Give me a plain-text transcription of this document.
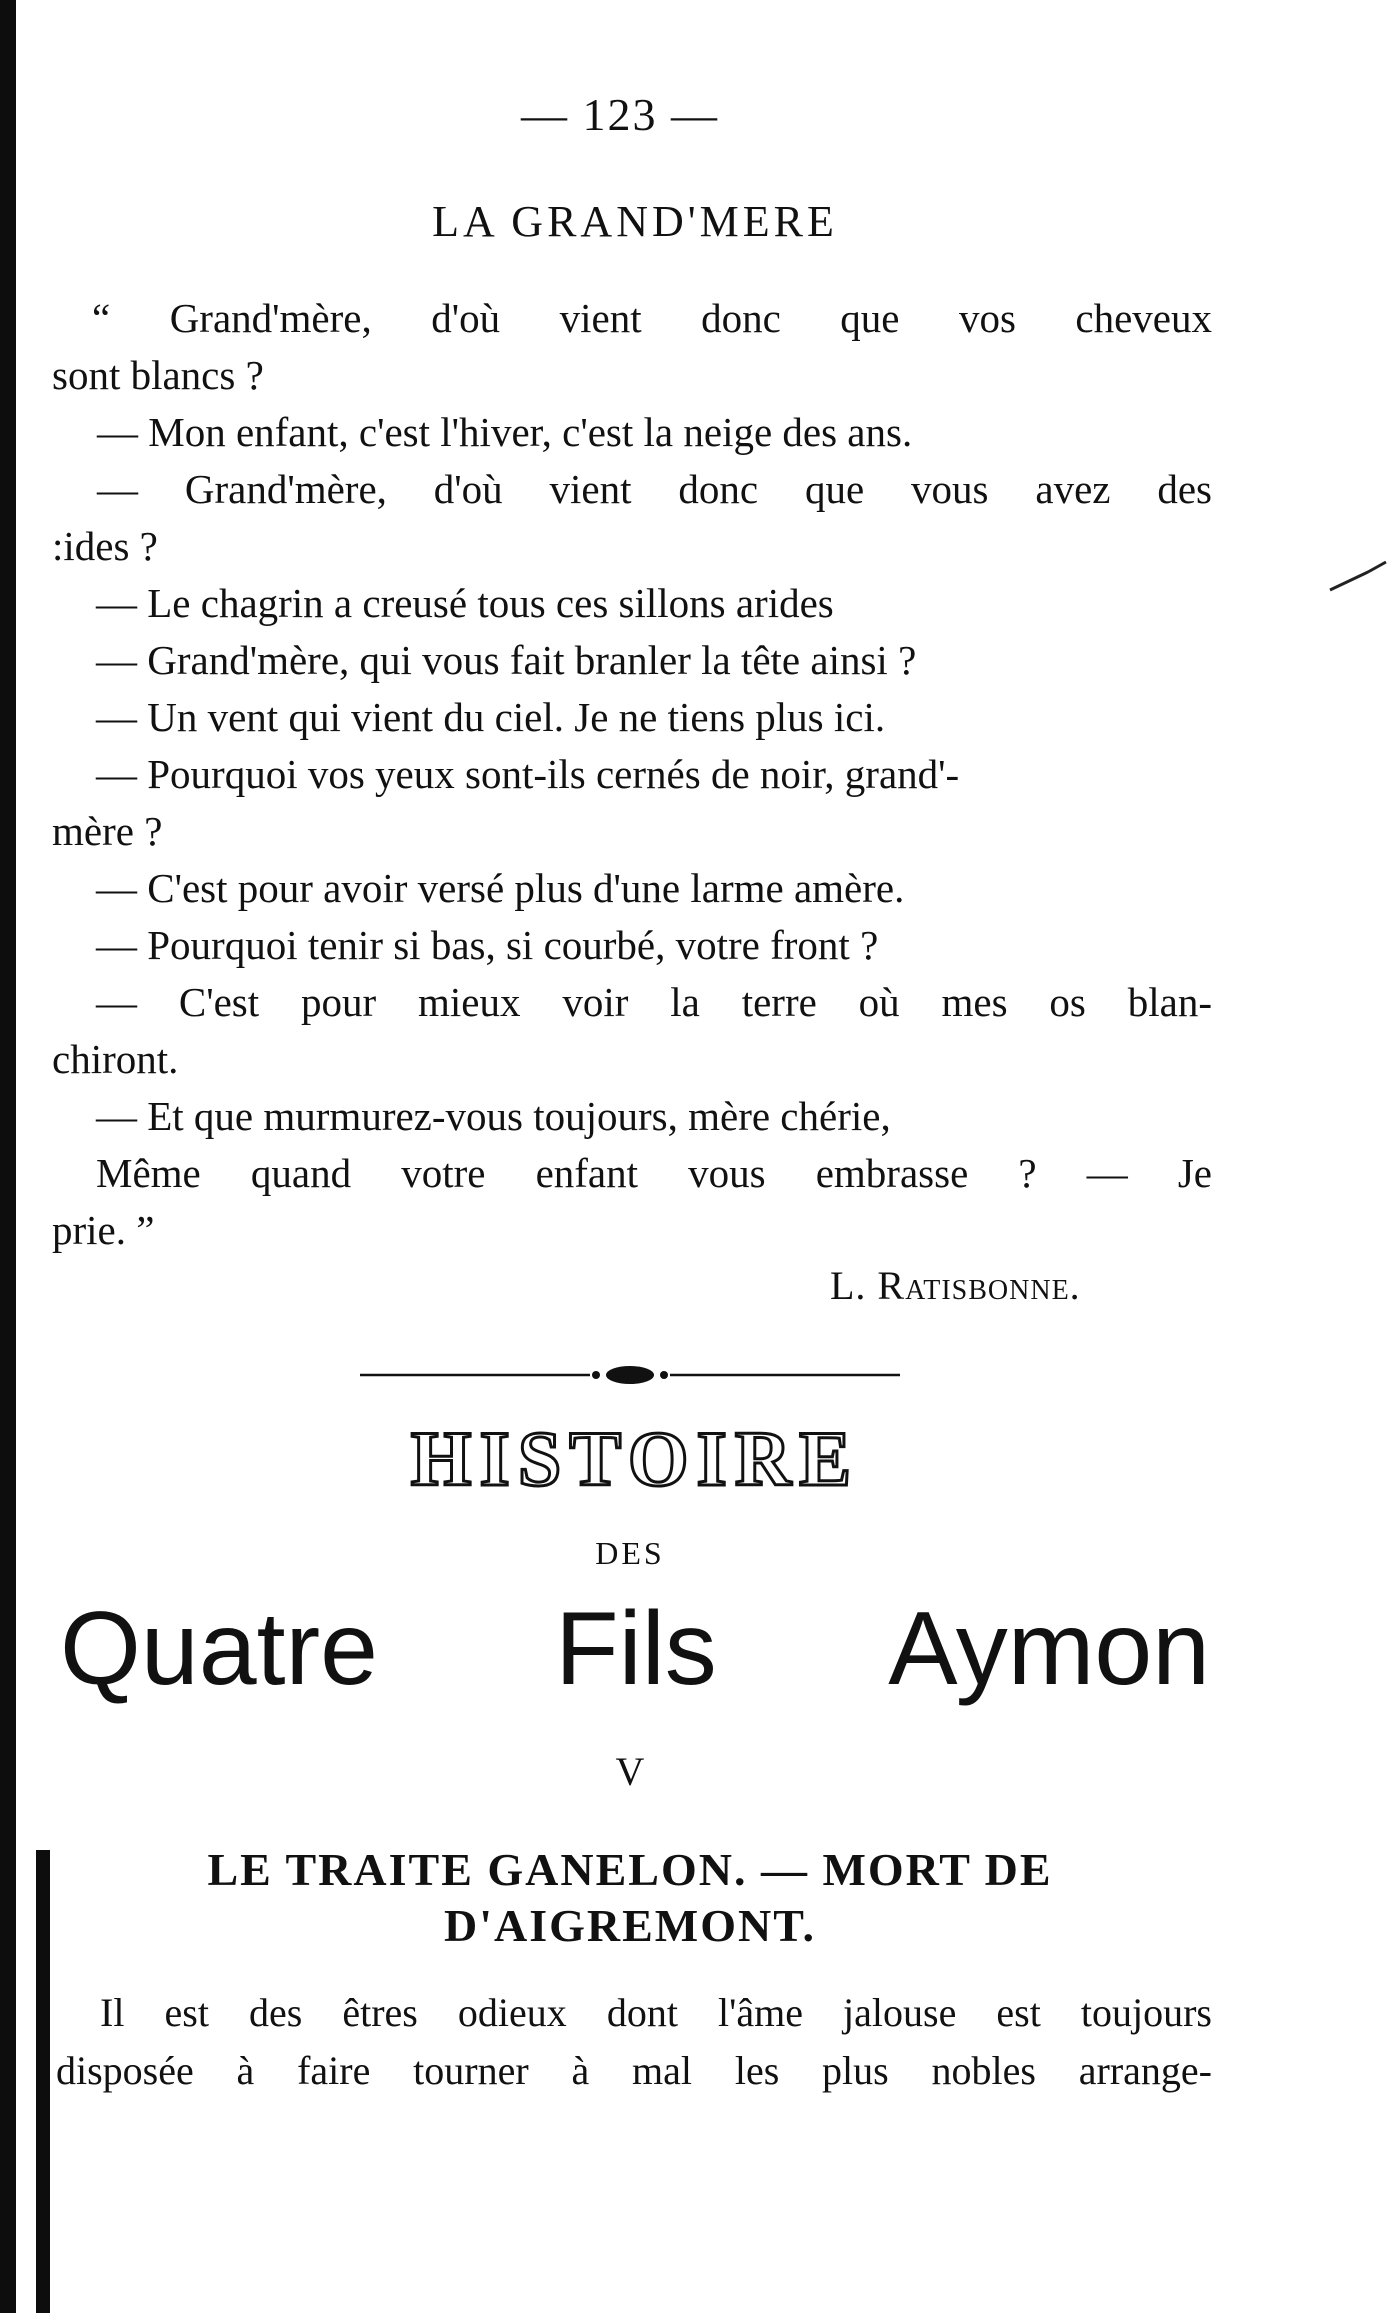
— 123 —
LA GRAND'MERE
“ Grand'mère, d'où vient donc que vos cheveux
sont blancs ?
— Mon enfant, c'est l'hiver, c'est la neige des ans.
— Grand'mère, d'où vient donc que vous avez des
:ides ?
— Le chagrin a creusé tous ces sillons arides
— Grand'mère, qui vous fait branler la tête ainsi ?
— Un vent qui vient du ciel. Je ne tiens plus ici.
— Pourquoi vos yeux sont-ils cernés de noir, grand'-
mère ?
— C'est pour avoir versé plus d'une larme amère.
— Pourquoi tenir si bas, si courbé, votre front ?
— C'est pour mieux voir la terre où mes os blan-
chiront.
— Et que murmurez-vous toujours, mère chérie,
Même quand votre enfant vous embrasse ? — Je
prie. ”
L. Ratisbonne.
HISTOIRE
DES
Quatre Fils Aymon
V
LE TRAITE GANELON. — MORT DE
D'AIGREMONT.
Il est des êtres odieux dont l'âme jalouse est toujours
disposée à faire tourner à mal les plus nobles arrange-
